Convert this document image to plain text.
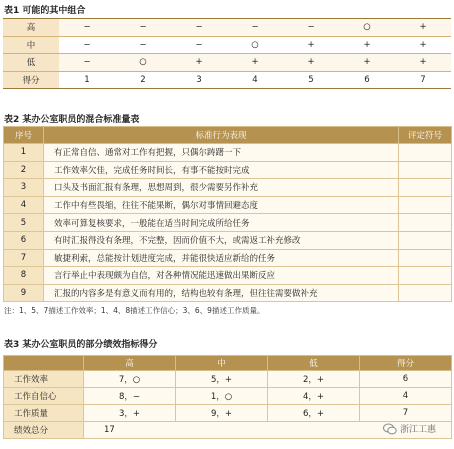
表1 可能的其中组合
高	−	−	−	−	−	○	+
中	−	−	−	○	+	+	+
低	−	○	+	+	+	+	+
得分	1	2	3	4	5	6	7
表2 某办公室职员的混合标准量表
序号	标准行为表现	评定符号
1	有正常自信、通常对工作有把握，只偶尔踌躇一下	
2	工作效率欠佳，完成任务时间长，有事不能按时完成	
3	口头及书面汇报有条理，思想周到，很少需要另作补充	
4	工作中有些畏缩，往往不能果断，偶尔对事情回避态度	
5	效率可算复核要求，一般能在适当时间完成所给任务	
6	有时汇报得没有条理，不完整，因而价值不大，或需返工补充修改	
7	敏捷利索，总能按计划进度完成，并能很快适应新给的任务	
8	言行举止中表现颇为自信，对各种情况能迅速做出果断反应	
9	汇报的内容多是有意义而有用的，结构也较有条理，但往往需要做补充	
注：1、5、7描述工作效率；1、4、8描述工作信心；3、6、9描述工作质量。
表3 某办公室职员的部分绩效指标得分
	高	中	低	得分
工作效率	7，○	5，+	2，+	6
工作自信心	8，−	1，○	4，+	4
工作质量	3，+	9，+	6，+	7
绩效总分	17				浙江工惠
